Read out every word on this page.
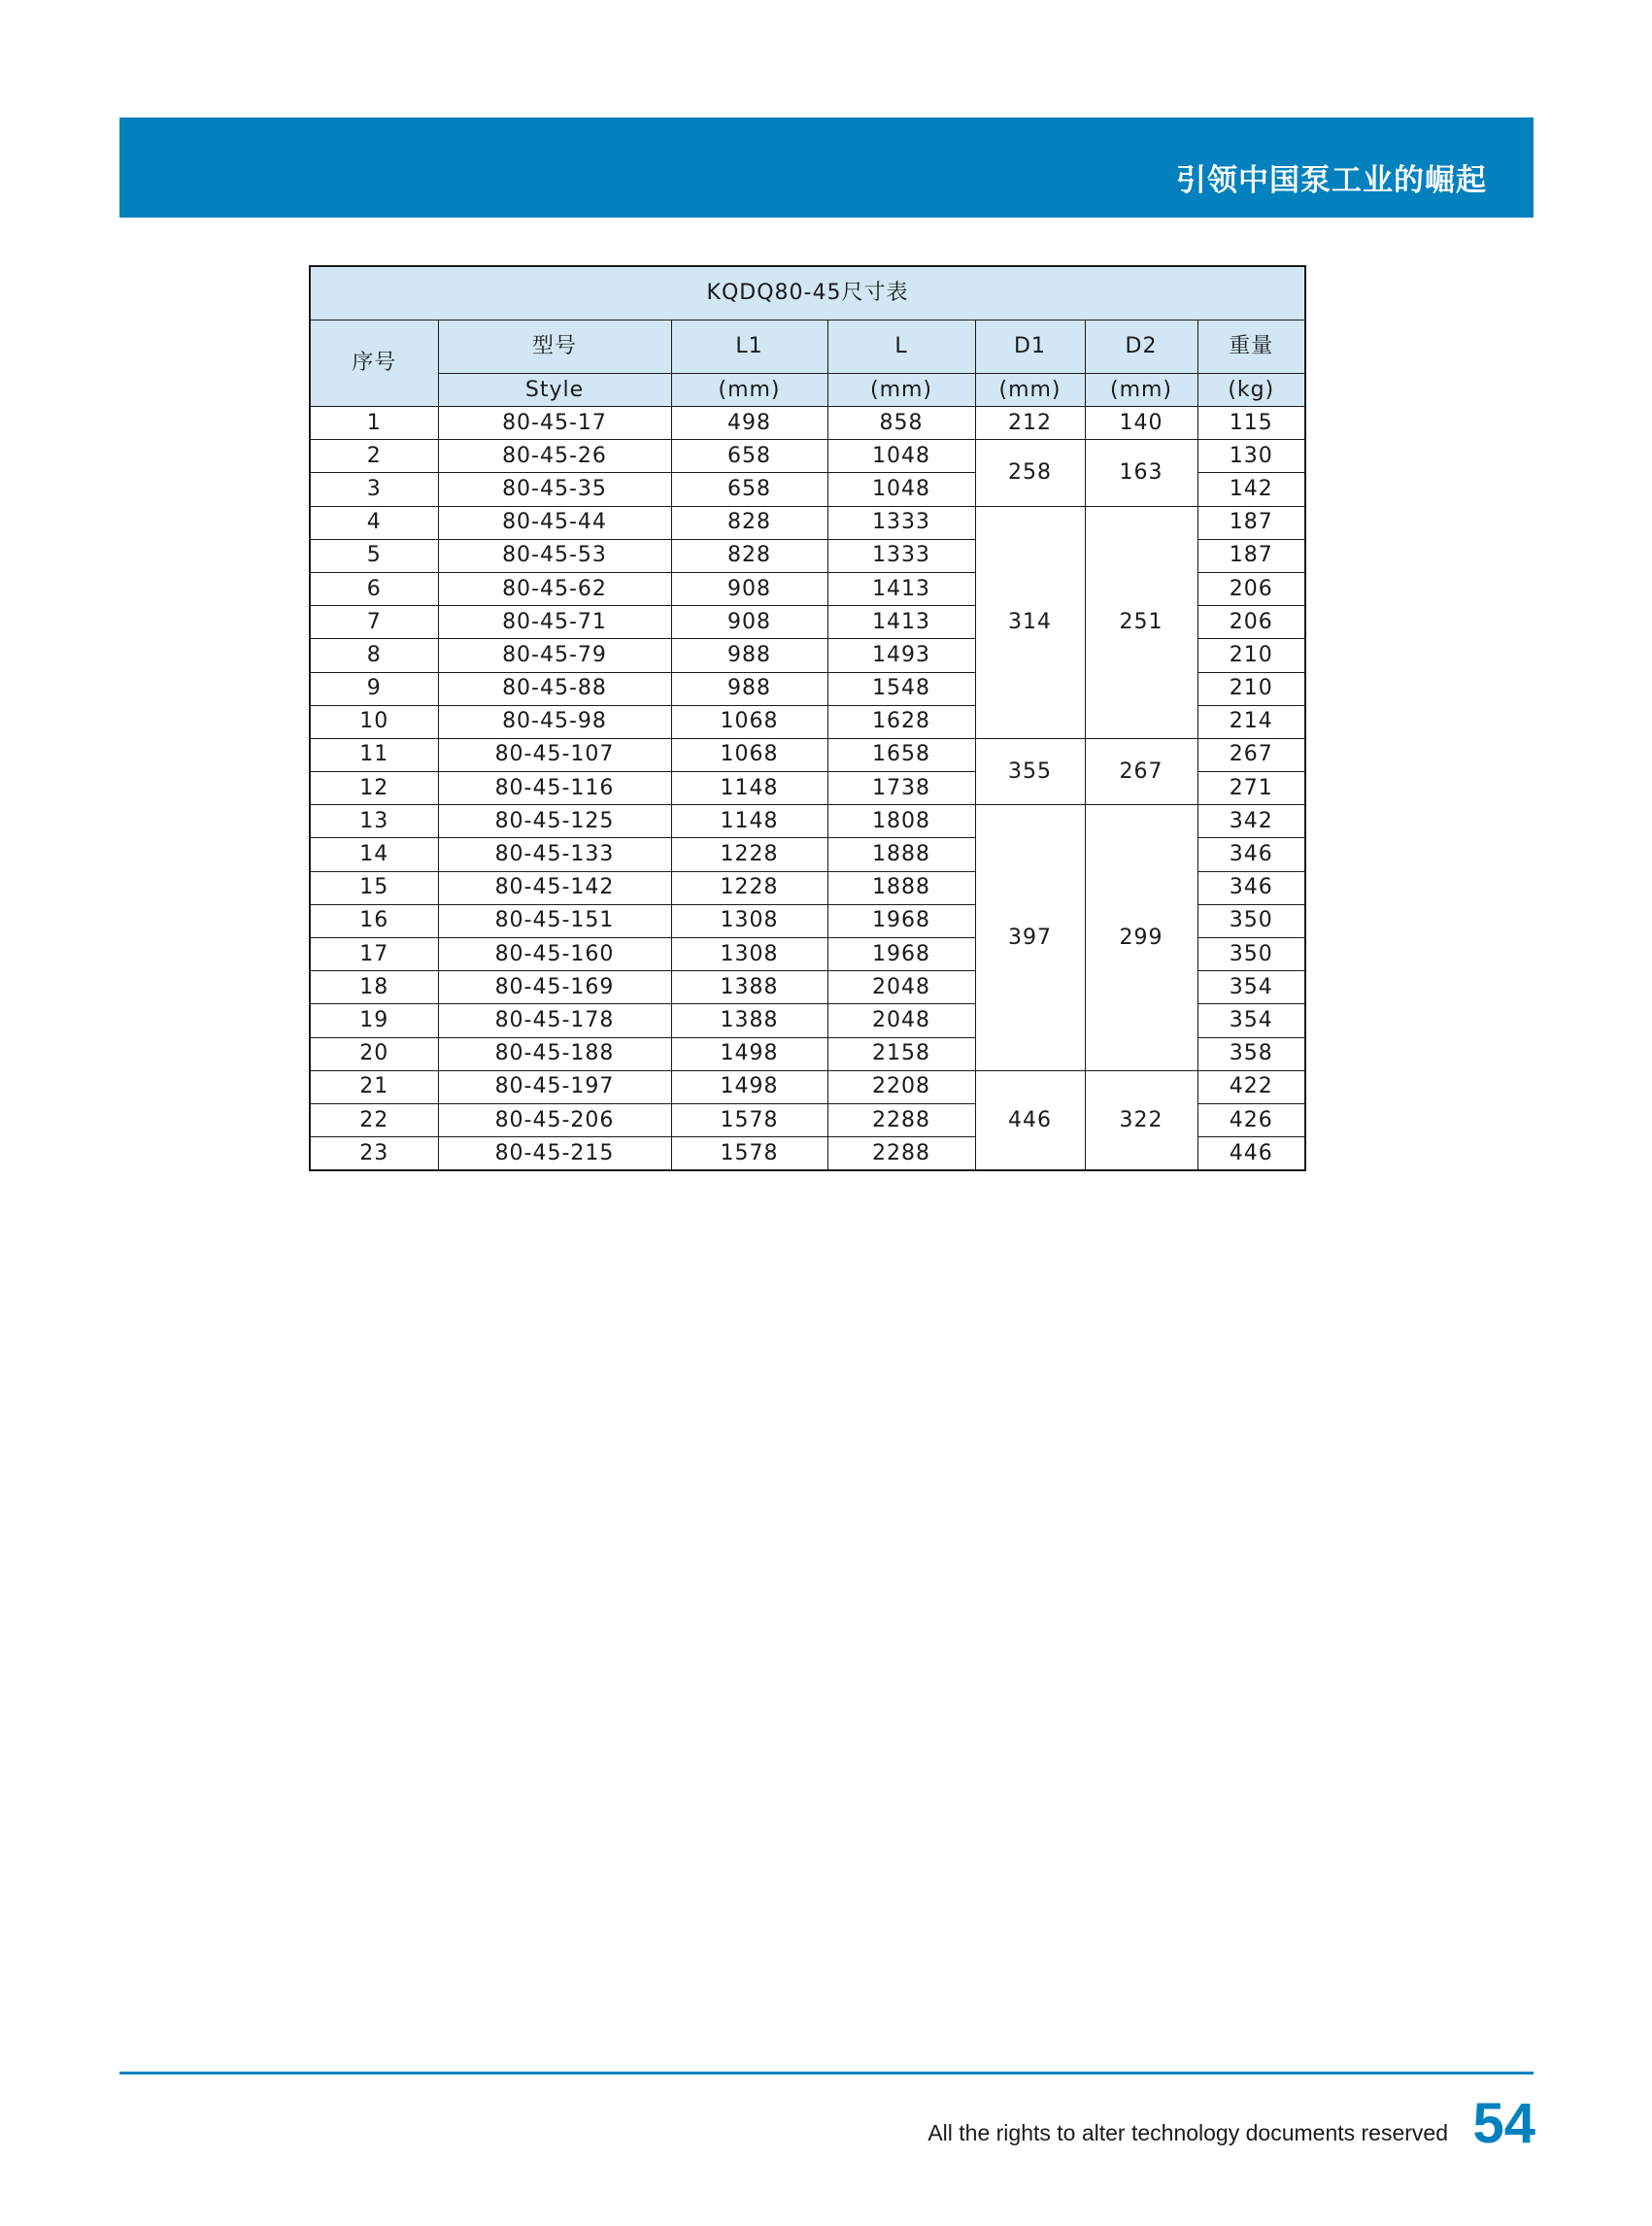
引领中国泵工业的崛起
KQDQ80-45尺寸表						
序号	型号	L1	L	D1	D2	重量
	Style	(mm)	(mm)	(mm)	(mm)	(kg)
1	80-45-17	498	858	212	140	115
2	80-45-26	658	1048	258	163	130
3	80-45-35	658	1048			142
4	80-45-44	828	1333	314	251	187
5	80-45-53	828	1333			187
6	80-45-62	908	1413			206
7	80-45-71	908	1413			206
8	80-45-79	988	1493			210
9	80-45-88	988	1548			210
10	80-45-98	1068	1628			214
11	80-45-107	1068	1658	355	267	267
12	80-45-116	1148	1738			271
13	80-45-125	1148	1808	397	299	342
14	80-45-133	1228	1888			346
15	80-45-142	1228	1888			346
16	80-45-151	1308	1968			350
17	80-45-160	1308	1968			350
18	80-45-169	1388	2048			354
19	80-45-178	1388	2048			354
20	80-45-188	1498	2158			358
21	80-45-197	1498	2208	446	322	422
22	80-45-206	1578	2288			426
23	80-45-215	1578	2288			446
All the rights to alter technology documents reserved 54
